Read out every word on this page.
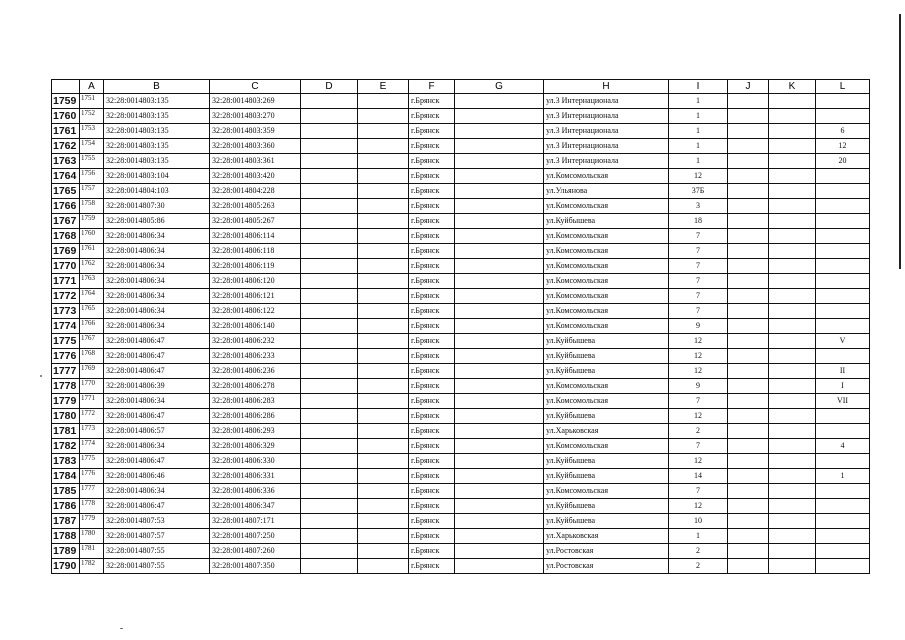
	A	B	C	D	E	F	G	H	I	J	K	L
1759	1751	32:28:0014803:135	32:28:0014803:269			г.Брянск		ул.3 Интернационала	1			
1760	1752	32:28:0014803:135	32:28:0014803:270			г.Брянск		ул.3 Интернационала	1			
1761	1753	32:28:0014803:135	32:28:0014803:359			г.Брянск		ул.3 Интернационала	1			6
1762	1754	32:28:0014803:135	32:28:0014803:360			г.Брянск		ул.3 Интернационала	1			12
1763	1755	32:28:0014803:135	32:28:0014803:361			г.Брянск		ул.3 Интернационала	1			20
1764	1756	32:28:0014803:104	32:28:0014803:420			г.Брянск		ул.Комсомольская	12			
1765	1757	32:28:0014804:103	32:28:0014804:228			г.Брянск		ул.Ульянова	37Б			
1766	1758	32:28:0014807:30	32:28:0014805:263			г.Брянск		ул.Комсомольская	3			
1767	1759	32:28:0014805:86	32:28:0014805:267			г.Брянск		ул.Куйбышева	18			
1768	1760	32:28:0014806:34	32:28:0014806:114			г.Брянск		ул.Комсомольская	7			
1769	1761	32:28:0014806:34	32:28:0014806:118			г.Брянск		ул.Комсомольская	7			
1770	1762	32:28:0014806:34	32:28:0014806:119			г.Брянск		ул.Комсомольская	7			
1771	1763	32:28:0014806:34	32:28:0014806:120			г.Брянск		ул.Комсомольская	7			
1772	1764	32:28:0014806:34	32:28:0014806:121			г.Брянск		ул.Комсомольская	7			
1773	1765	32:28:0014806:34	32:28:0014806:122			г.Брянск		ул.Комсомольская	7			
1774	1766	32:28:0014806:34	32:28:0014806:140			г.Брянск		ул.Комсомольская	9			
1775	1767	32:28:0014806:47	32:28:0014806:232			г.Брянск		ул.Куйбышева	12			V
1776	1768	32:28:0014806:47	32:28:0014806:233			г.Брянск		ул.Куйбышева	12			
1777	1769	32:28:0014806:47	32:28:0014806:236			г.Брянск		ул.Куйбышева	12			II
1778	1770	32:28:0014806:39	32:28:0014806:278			г.Брянск		ул.Комсомольская	9			I
1779	1771	32:28:0014806:34	32:28:0014806:283			г.Брянск		ул.Комсомольская	7			VII
1780	1772	32:28:0014806:47	32:28:0014806:286			г.Брянск		ул.Куйбышева	12			
1781	1773	32:28:0014806:57	32:28:0014806:293			г.Брянск		ул.Харьковская	2			
1782	1774	32:28:0014806:34	32:28:0014806:329			г.Брянск		ул.Комсомольская	7			4
1783	1775	32:28:0014806:47	32:28:0014806:330			г.Брянск		ул.Куйбышева	12			
1784	1776	32:28:0014806:46	32:28:0014806:331			г.Брянск		ул.Куйбышева	14			1
1785	1777	32:28:0014806:34	32:28:0014806:336			г.Брянск		ул.Комсомольская	7			
1786	1778	32:28:0014806:47	32:28:0014806:347			г.Брянск		ул.Куйбышева	12			
1787	1779	32:28:0014807:53	32:28:0014807:171			г.Брянск		ул.Куйбышева	10			
1788	1780	32:28:0014807:57	32:28:0014807:250			г.Брянск		ул.Харьковская	1			
1789	1781	32:28:0014807:55	32:28:0014807:260			г.Брянск		ул.Ростовская	2			
1790	1782	32:28:0014807:55	32:28:0014807:350			г.Брянск		ул.Ростовская	2			
